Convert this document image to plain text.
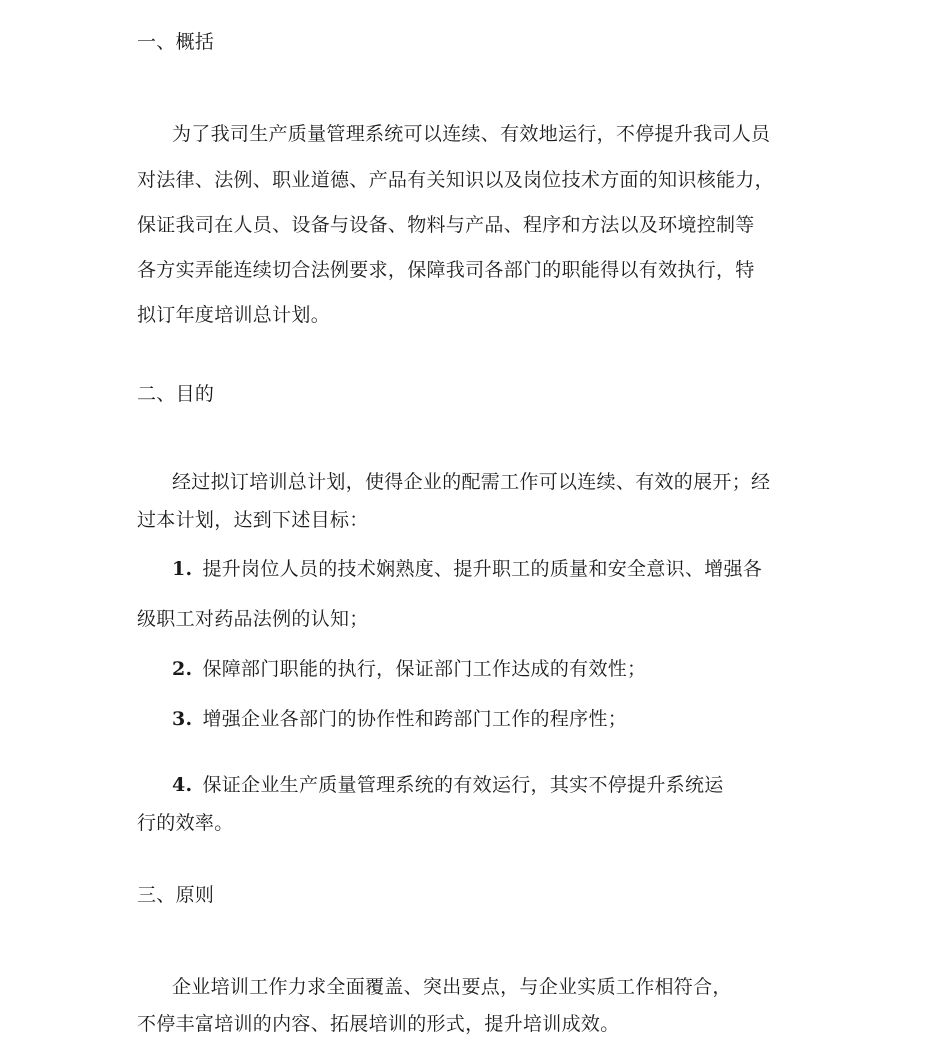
一、概括
为了我司生产质量管理系统可以连续、有效地运行，不停提升我司人员
对法律、法例、职业道德、产品有关知识以及岗位技术方面的知识核能力，
保证我司在人员、设备与设备、物料与产品、程序和方法以及环境控制等
各方实弄能连续切合法例要求，保障我司各部门的职能得以有效执行，特
拟订年度培训总计划。
二、目的
经过拟订培训总计划，使得企业的配需工作可以连续、有效的展开；经
过本计划，达到下述目标：
1. 提升岗位人员的技术娴熟度、提升职工的质量和安全意识、增强各
级职工对药品法例的认知；
2. 保障部门职能的执行，保证部门工作达成的有效性；
3. 增强企业各部门的协作性和跨部门工作的程序性；
4. 保证企业生产质量管理系统的有效运行，其实不停提升系统运
行的效率。
三、原则
企业培训工作力求全面覆盖、突出要点，与企业实质工作相符合，
不停丰富培训的内容、拓展培训的形式，提升培训成效。
